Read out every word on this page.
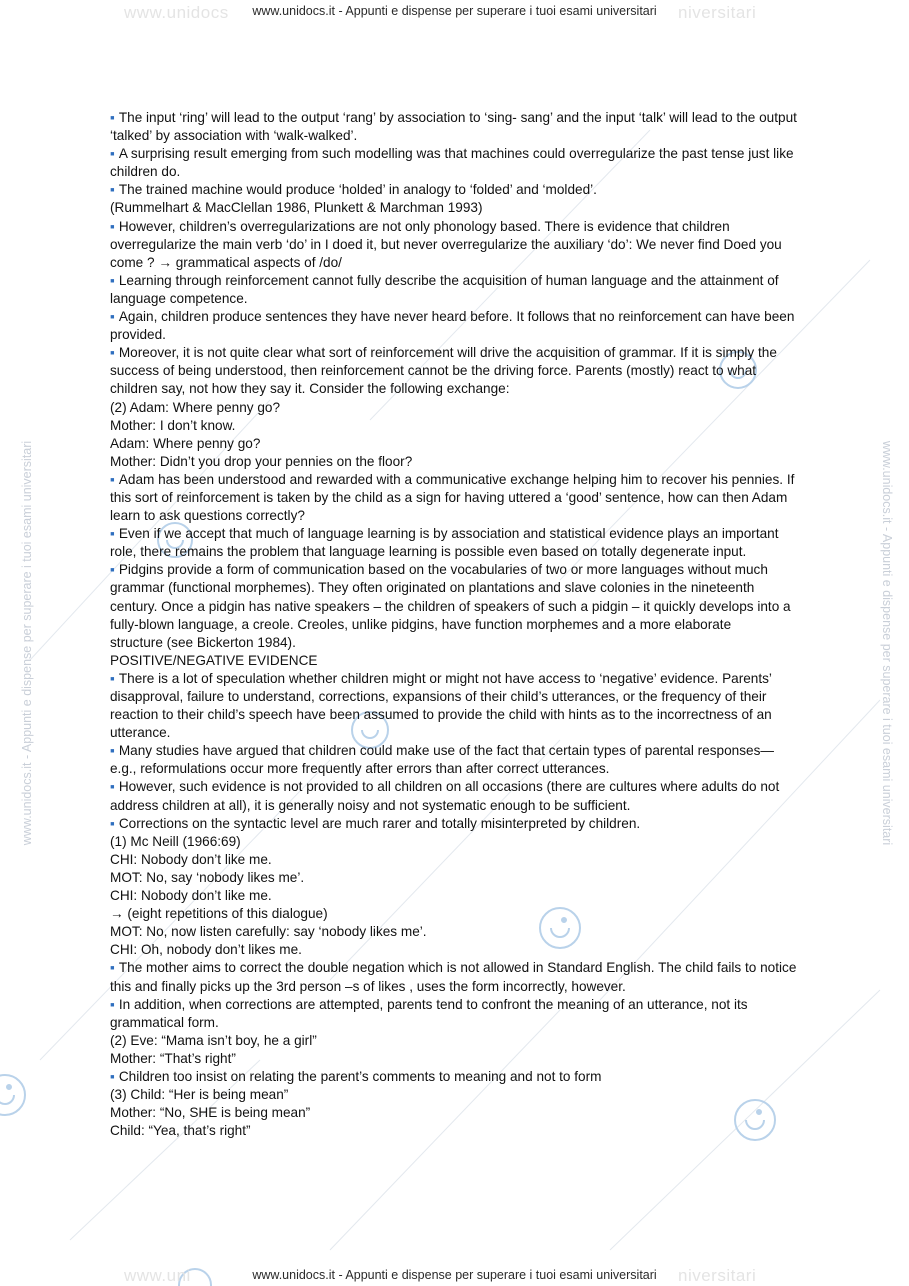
www.unidocs	niversitari
www.uni	niversitari
www.unidocs.it - Appunti e dispense per superare i tuoi esami universitari
www.unidocs.it - Appunti e dispense per superare i tuoi esami universitari	www.unidocs.it - Appunti e dispense per superare i tuoi esami universitari

▪ The input ‘ring’ will lead to the output ‘rang’ by association to ‘sing- sang’ and the input ‘talk’ will lead to the output ‘talked’ by association with ‘walk-walked’.

▪ A surprising result emerging from such modelling was that machines could overregularize the past tense just like children do.

▪ The trained machine would produce ‘holded’ in analogy to ‘folded’ and ‘molded’.

(Rummelhart & MacClellan 1986, Plunkett & Marchman 1993)

▪ However, children’s overregularizations are not only phonology based. There is evidence that children overregularize the main verb ‘do’ in I doed it, but never overregularize the auxiliary ‘do’: We never find Doed you come ? → grammatical aspects of /do/

▪ Learning through reinforcement cannot fully describe the acquisition of human language and the attainment of language competence.

▪ Again, children produce sentences they have never heard before. It follows that no reinforcement can have been provided.

▪ Moreover, it is not quite clear what sort of reinforcement will drive the acquisition of grammar. If it is simply the success of being understood, then reinforcement cannot be the driving force. Parents (mostly) react to what children say, not how they say it. Consider the following exchange:

(2) Adam: Where penny go?

Mother: I don’t know.

Adam: Where penny go?

Mother: Didn’t you drop your pennies on the floor?

▪ Adam has been understood and rewarded with a communicative exchange helping him to recover his pennies. If this sort of reinforcement is taken by the child as a sign for having uttered a ‘good’ sentence, how can then Adam learn to ask questions correctly?

▪ Even if we accept that much of language learning is by association and statistical evidence plays an important role, there remains the problem that language learning is possible even based on totally degenerate input.

▪ Pidgins provide a form of communication based on the vocabularies of two or more languages without much grammar (functional morphemes). They often originated on plantations and slave colonies in the nineteenth century. Once a pidgin has native speakers – the children of speakers of such a pidgin – it quickly develops into a fully-blown language, a creole. Creoles, unlike pidgins, have function morphemes and a more elaborate

structure (see Bickerton 1984).

POSITIVE/NEGATIVE EVIDENCE

▪ There is a lot of speculation whether children might or might not have access to ‘negative’ evidence. Parents’ disapproval, failure to understand, corrections, expansions of their child’s utterances, or the frequency of their reaction to their child’s speech have been assumed to provide the child with hints as to the incorrectness of an utterance.

▪ Many studies have argued that children could make use of the fact that certain types of parental responses— e.g., reformulations occur more frequently after errors than after correct utterances.

▪ However, such evidence is not provided to all children on all occasions (there are cultures where adults do not address children at all), it is generally noisy and not systematic enough to be sufficient.

▪ Corrections on the syntactic level are much rarer and totally misinterpreted by children.

(1) Mc Neill (1966:69)

CHI: Nobody don’t like me.

MOT: No, say ‘nobody likes me’.

CHI: Nobody don’t like me.

→ (eight repetitions of this dialogue)

MOT: No, now listen carefully: say ‘nobody likes me’.

CHI: Oh, nobody don’t likes me.

▪ The mother aims to correct the double negation which is not allowed in Standard English. The child fails to notice this and finally picks up the 3rd person –s of likes , uses the form incorrectly, however.

▪ In addition, when corrections are attempted, parents tend to confront the meaning of an utterance, not its grammatical form.

(2) Eve: “Mama isn’t boy, he a girl”

Mother: “That’s right”

▪ Children too insist on relating the parent’s comments to meaning and not to form

(3) Child: “Her is being mean”

Mother: “No, SHE is being mean”

Child: “Yea, that’s right”

www.unidocs.it - Appunti e dispense per superare i tuoi esami universitari
